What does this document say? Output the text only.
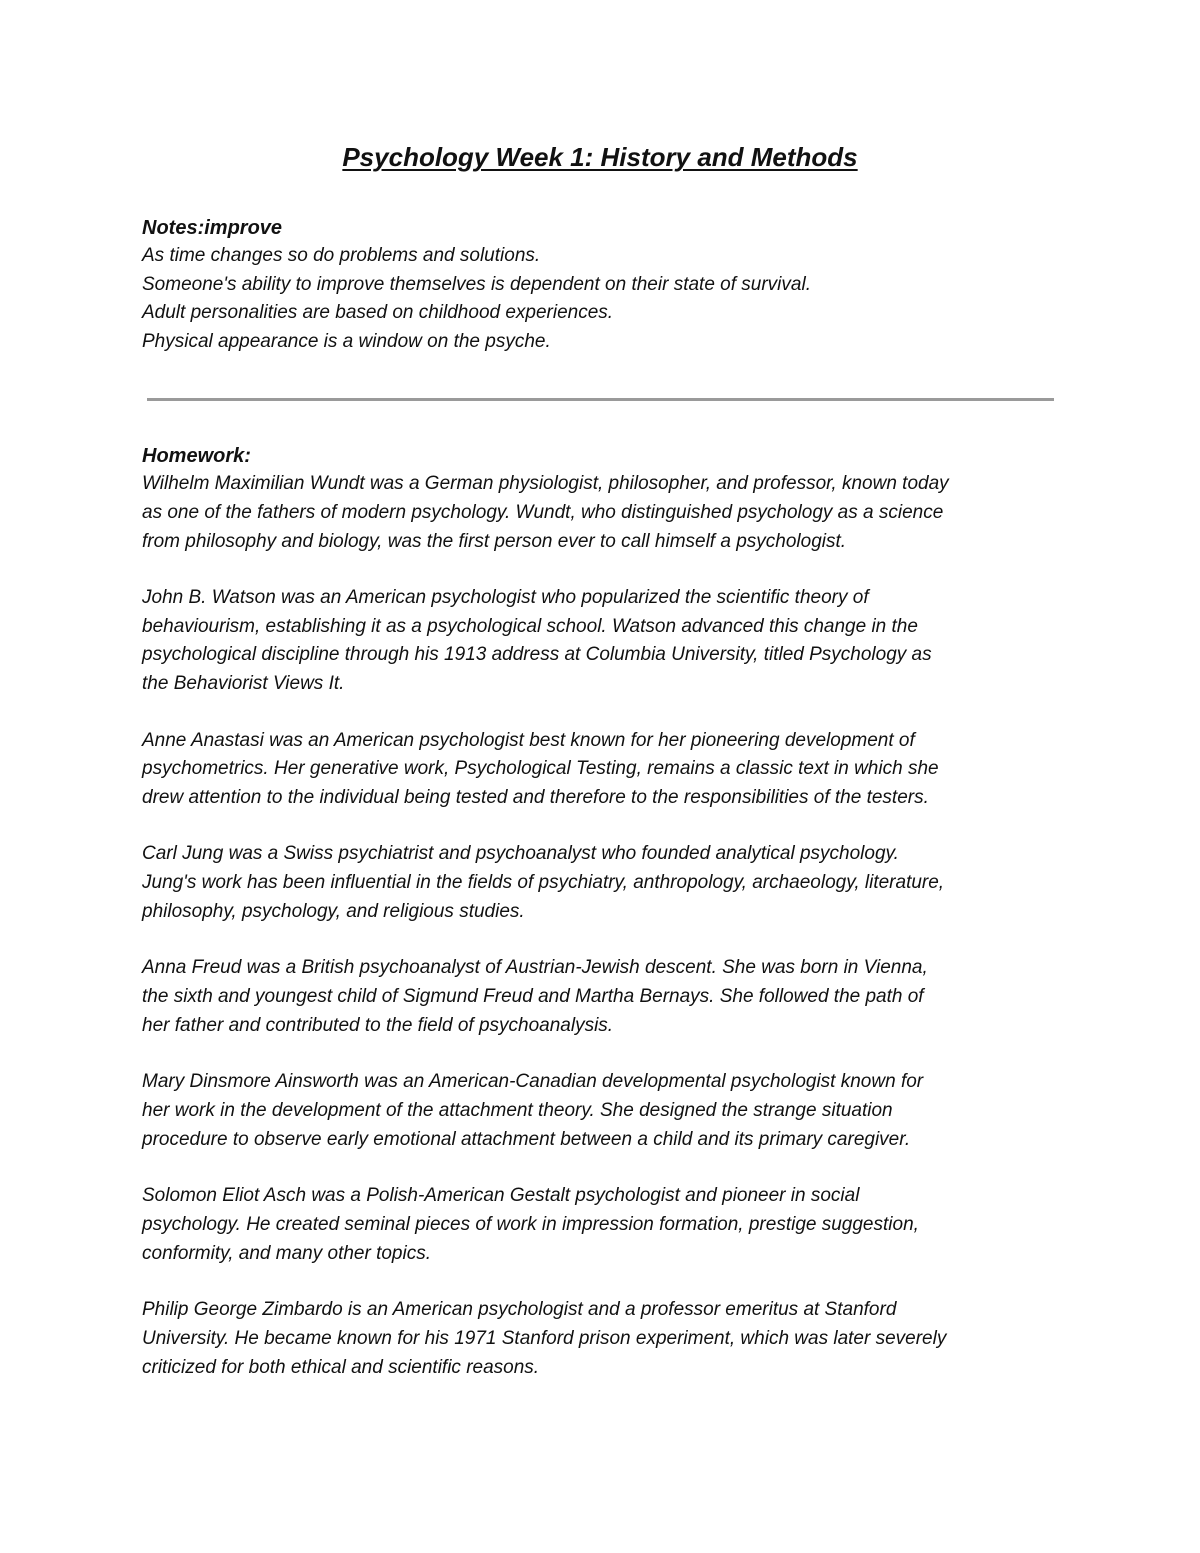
Psychology Week 1: History and Methods

Notes:improve

As time changes so do problems and solutions.

Someone's ability to improve themselves is dependent on their state of survival.

Adult personalities are based on childhood experiences.

Physical appearance is a window on the psyche.

Homework:

Wilhelm Maximilian Wundt was a German physiologist, philosopher, and professor, known today
as one of the fathers of modern psychology. Wundt, who distinguished psychology as a science
from philosophy and biology, was the first person ever to call himself a psychologist.

John B. Watson was an American psychologist who popularized the scientific theory of
behaviourism, establishing it as a psychological school. Watson advanced this change in the
psychological discipline through his 1913 address at Columbia University, titled Psychology as
the Behaviorist Views It.

Anne Anastasi was an American psychologist best known for her pioneering development of
psychometrics. Her generative work, Psychological Testing, remains a classic text in which she
drew attention to the individual being tested and therefore to the responsibilities of the testers.

Carl Jung was a Swiss psychiatrist and psychoanalyst who founded analytical psychology.
Jung's work has been influential in the fields of psychiatry, anthropology, archaeology, literature,
philosophy, psychology, and religious studies.

Anna Freud was a British psychoanalyst of Austrian-Jewish descent. She was born in Vienna,
the sixth and youngest child of Sigmund Freud and Martha Bernays. She followed the path of
her father and contributed to the field of psychoanalysis.

Mary Dinsmore Ainsworth was an American-Canadian developmental psychologist known for
her work in the development of the attachment theory. She designed the strange situation
procedure to observe early emotional attachment between a child and its primary caregiver.

Solomon Eliot Asch was a Polish-American Gestalt psychologist and pioneer in social
psychology. He created seminal pieces of work in impression formation, prestige suggestion,
conformity, and many other topics.

Philip George Zimbardo is an American psychologist and a professor emeritus at Stanford
University. He became known for his 1971 Stanford prison experiment, which was later severely
criticized for both ethical and scientific reasons.
